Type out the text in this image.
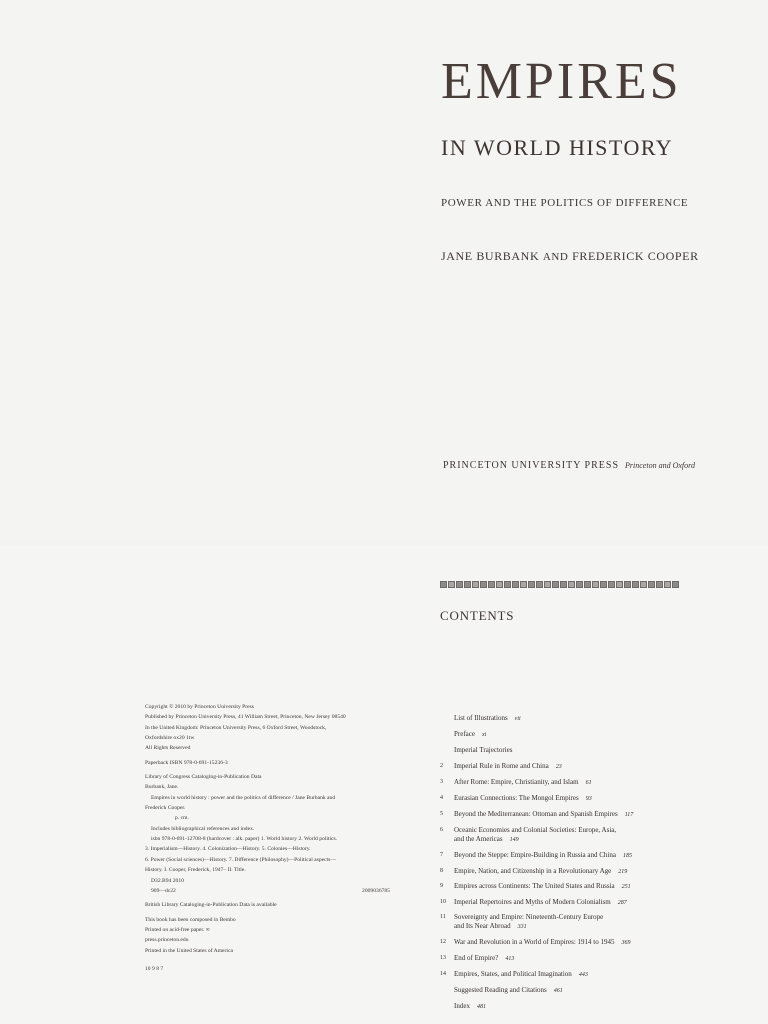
EMPIRES
IN WORLD HISTORY
POWER AND THE POLITICS OF DIFFERENCE
JANE BURBANK AND FREDERICK COOPER
PRINCETON UNIVERSITY PRESS Princeton and Oxford
CONTENTS
Copyright © 2010 by Princeton University Press
Published by Princeton University Press, 41 William Street, Princeton, New Jersey 08540
In the United Kingdom: Princeton University Press, 6 Oxford Street, Woodstock,
Oxfordshire ox20 1tw
All Rights Reserved
Paperback ISBN 978-0-691-15236-3
Library of Congress Cataloging-in-Publication Data
Burbank, Jane.
Empires in world history : power and the politics of difference / Jane Burbank and
Frederick Cooper.
p. cm.
Includes bibliographical references and index.
isbn 978-0-691-12708-8 (hardcover : alk. paper) 1. World history 2. World politics.
3. Imperialism—History. 4. Colonization—History. 5. Colonies—History.
6. Power (Social sciences)—History. 7. Difference (Philosophy)—Political aspects—
History. I. Cooper, Frederick, 1947– II. Title.
D32.B94 2010
909—dc22	2009036785
British Library Cataloging-in-Publication Data is available
This book has been composed in Bembo
Printed on acid-free paper. ∞
press.princeton.edu
Printed in the United States of America
10 9 8 7
List of Illustrations vii
Preface xi
Imperial Trajectories
2	Imperial Rule in Rome and China 23
3	After Rome: Empire, Christianity, and Islam 61
4	Eurasian Connections: The Mongol Empires 93
5	Beyond the Mediterranean: Ottoman and Spanish Empires 117
6	Oceanic Economies and Colonial Societies: Europe, Asia,
and the Americas 149
7	Beyond the Steppe: Empire-Building in Russia and China 185
8	Empire, Nation, and Citizenship in a Revolutionary Age 219
9	Empires across Continents: The United States and Russia 251
10	Imperial Repertoires and Myths of Modern Colonialism 287
11	Sovereignty and Empire: Nineteenth-Century Europe
and Its Near Abroad 331
12	War and Revolution in a World of Empires: 1914 to 1945 369
13	End of Empire? 413
14	Empires, States, and Political Imagination 443
Suggested Reading and Citations 461
Index 481
